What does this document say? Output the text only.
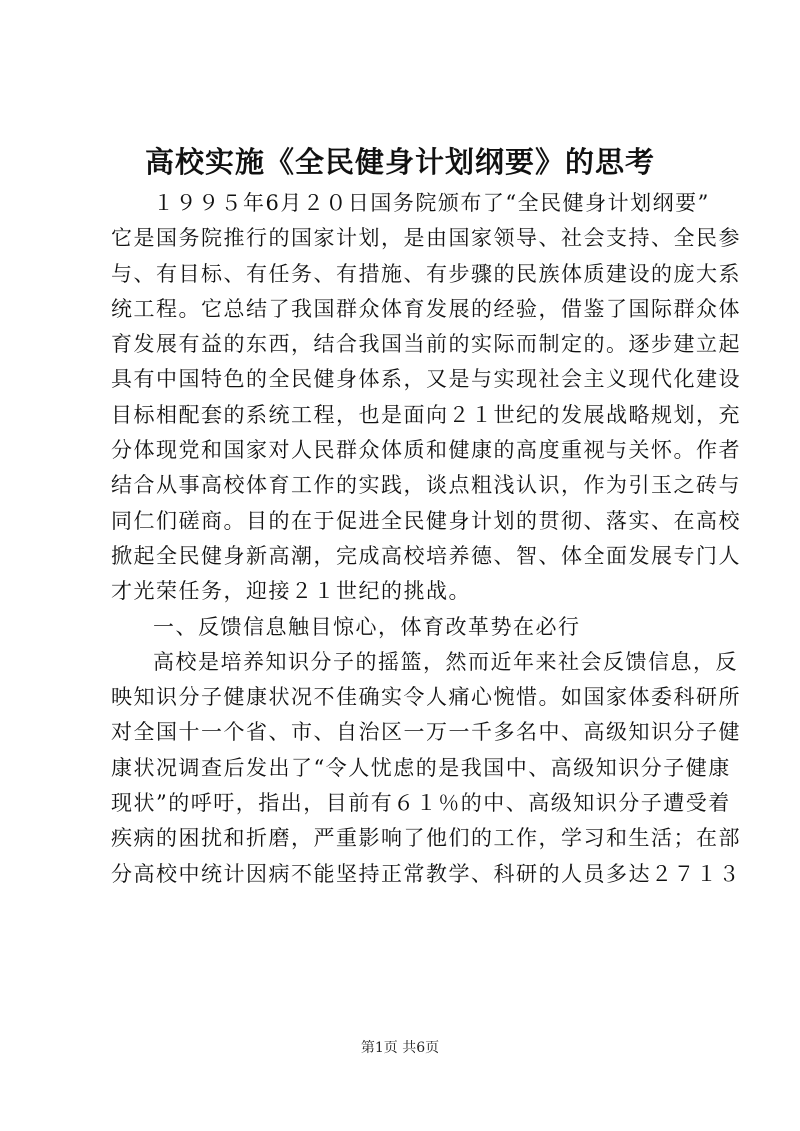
高校实施《全民健身计划纲要》的思考

１９９５年6月２０日国务院颁布了“全民健身计划纲要”

它是国务院推行的国家计划，是由国家领导、社会支持、全民参

与、有目标、有任务、有措施、有步骤的民族体质建设的庞大系

统工程。它总结了我国群众体育发展的经验，借鉴了国际群众体

育发展有益的东西，结合我国当前的实际而制定的。逐步建立起

具有中国特色的全民健身体系，又是与实现社会主义现代化建设

目标相配套的系统工程，也是面向２１世纪的发展战略规划，充

分体现党和国家对人民群众体质和健康的高度重视与关怀。作者

结合从事高校体育工作的实践，谈点粗浅认识，作为引玉之砖与

同仁们磋商。目的在于促进全民健身计划的贯彻、落实、在高校

掀起全民健身新高潮，完成高校培养德、智、体全面发展专门人

才光荣任务，迎接２１世纪的挑战。

一、反馈信息触目惊心，体育改革势在必行

高校是培养知识分子的摇篮，然而近年来社会反馈信息，反

映知识分子健康状况不佳确实令人痛心惋惜。如国家体委科研所

对全国十一个省、市、自治区一万一千多名中、高级知识分子健

康状况调查后发出了“令人忧虑的是我国中、高级知识分子健康

现状”的呼吁，指出，目前有６１％的中、高级知识分子遭受着

疾病的困扰和折磨，严重影响了他们的工作，学习和生活；在部

分高校中统计因病不能坚持正常教学、科研的人员多达２７１３

第1页 共6页
